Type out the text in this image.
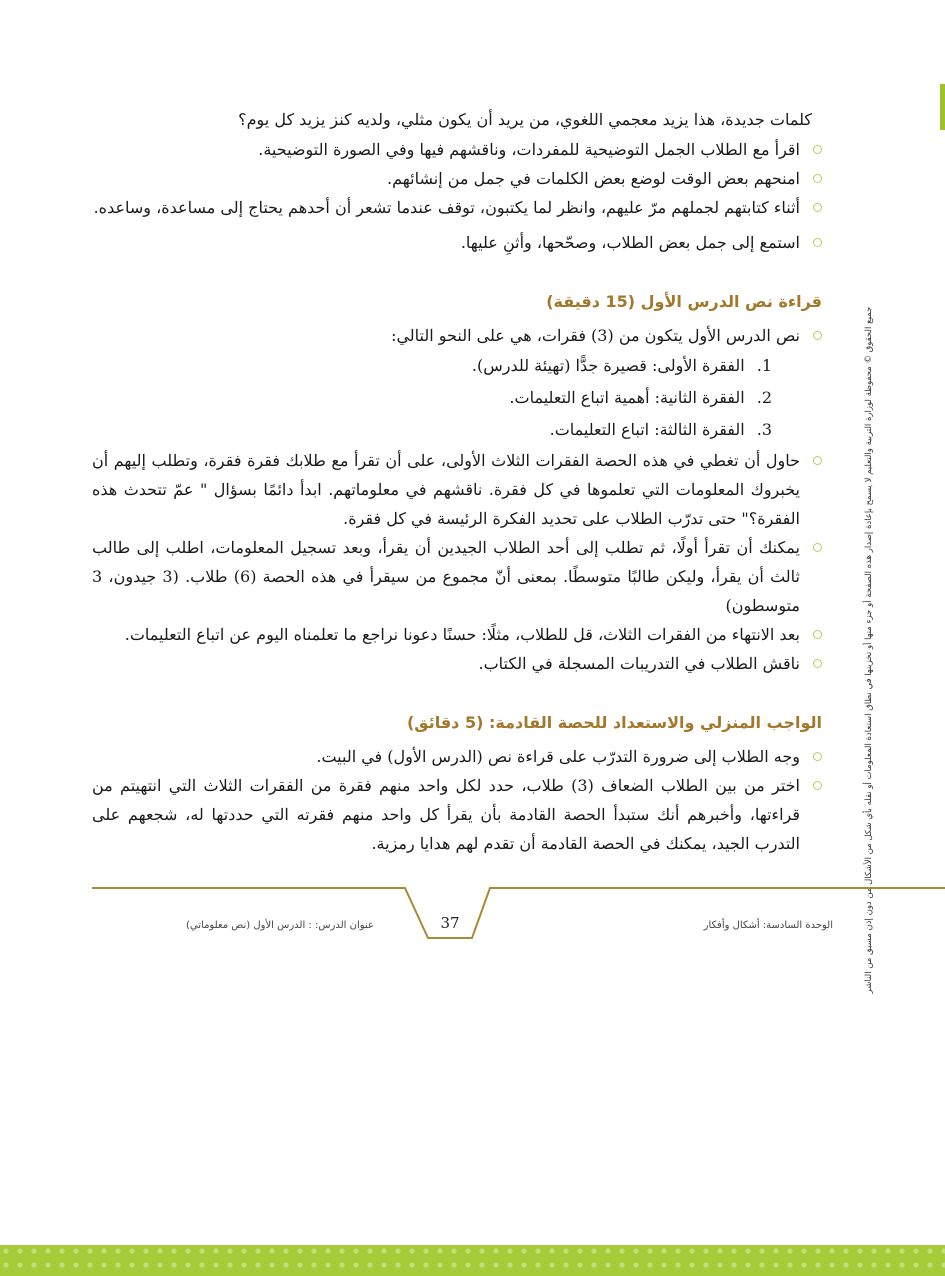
كلمات جديدة، هذا يزيد معجمي اللغوي، من يريد أن يكون مثلي، ولديه كنز يزيد كل يوم؟

اقرأ مع الطلاب الجمل التوضيحية للمفردات، وناقشهم فيها وفي الصورة التوضيحية.
امنحهم بعض الوقت لوضع بعض الكلمات في جمل من إنشائهم.
أثناء كتابتهم لجملهم مرّ عليهم، وانظر لما يكتبون، توقف عندما تشعر أن أحدهم يحتاج إلى مساعدة، وساعده.
استمع إلى جمل بعض الطلاب، وصحّحها، وأثنِ عليها.
قراءة نص الدرس الأول (15 دقيقة)
نص الدرس الأول يتكون من (3) فقرات، هي على النحو التالي:
1.الفقرة الأولى: قصيرة جدًّا (تهيئة للدرس).
2.الفقرة الثانية: أهمية اتباع التعليمات.
3.الفقرة الثالثة: اتباع التعليمات.
حاول أن تغطي في هذه الحصة الفقرات الثلاث الأولى، على أن تقرأ مع طلابك فقرة فقرة، وتطلب إليهم أن يخبروك المعلومات التي تعلموها في كل فقرة. ناقشهم في معلوماتهم. ابدأ دائمًا بسؤال " عمّ تتحدث هذه الفقرة؟" حتى تدرّب الطلاب على تحديد الفكرة الرئيسة في كل فقرة.
يمكنك أن تقرأ أولًا، ثم تطلب إلى أحد الطلاب الجيدين أن يقرأ، وبعد تسجيل المعلومات، اطلب إلى طالب ثالث أن يقرأ، وليكن طالبًا متوسطًا. بمعنى أنّ مجموع من سيقرأ في هذه الحصة (6) طلاب. (3 جيدون، 3 متوسطون)
بعد الانتهاء من الفقرات الثلاث، قل للطلاب، مثلًا: حسنًا دعونا نراجع ما تعلمناه اليوم عن اتباع التعليمات.
ناقش الطلاب في التدريبات المسجلة في الكتاب.
الواجب المنزلي والاستعداد للحصة القادمة: (5 دقائق)
وجه الطلاب إلى ضرورة التدرّب على قراءة نص (الدرس الأول) في البيت.
اختر من بين الطلاب الضعاف (3) طلاب، حدد لكل واحد منهم فقرة من الفقرات الثلاث التي انتهيتم من قراءتها، وأخبرهم أنك ستبدأ الحصة القادمة بأن يقرأ كل واحد منهم فقرته التي حددتها له، شجعهم على التدرب الجيد، يمكنك في الحصة القادمة أن تقدم لهم هدايا رمزية.	جميع الحقوق © محفوظة لوزارة التربية والتعليم لا يسمح بإعادة إصدار هذه الصفحة أو جزء منها أو تخزينها في نطاق استعادة المعلومات أو نقله بأي شكل من الأشكال من دون إذن مسبق من الناشر
الوحدة السادسة: أشكال وأفكار
37
عنوان الدرس: : الدرس الأول (نص معلوماتي)
